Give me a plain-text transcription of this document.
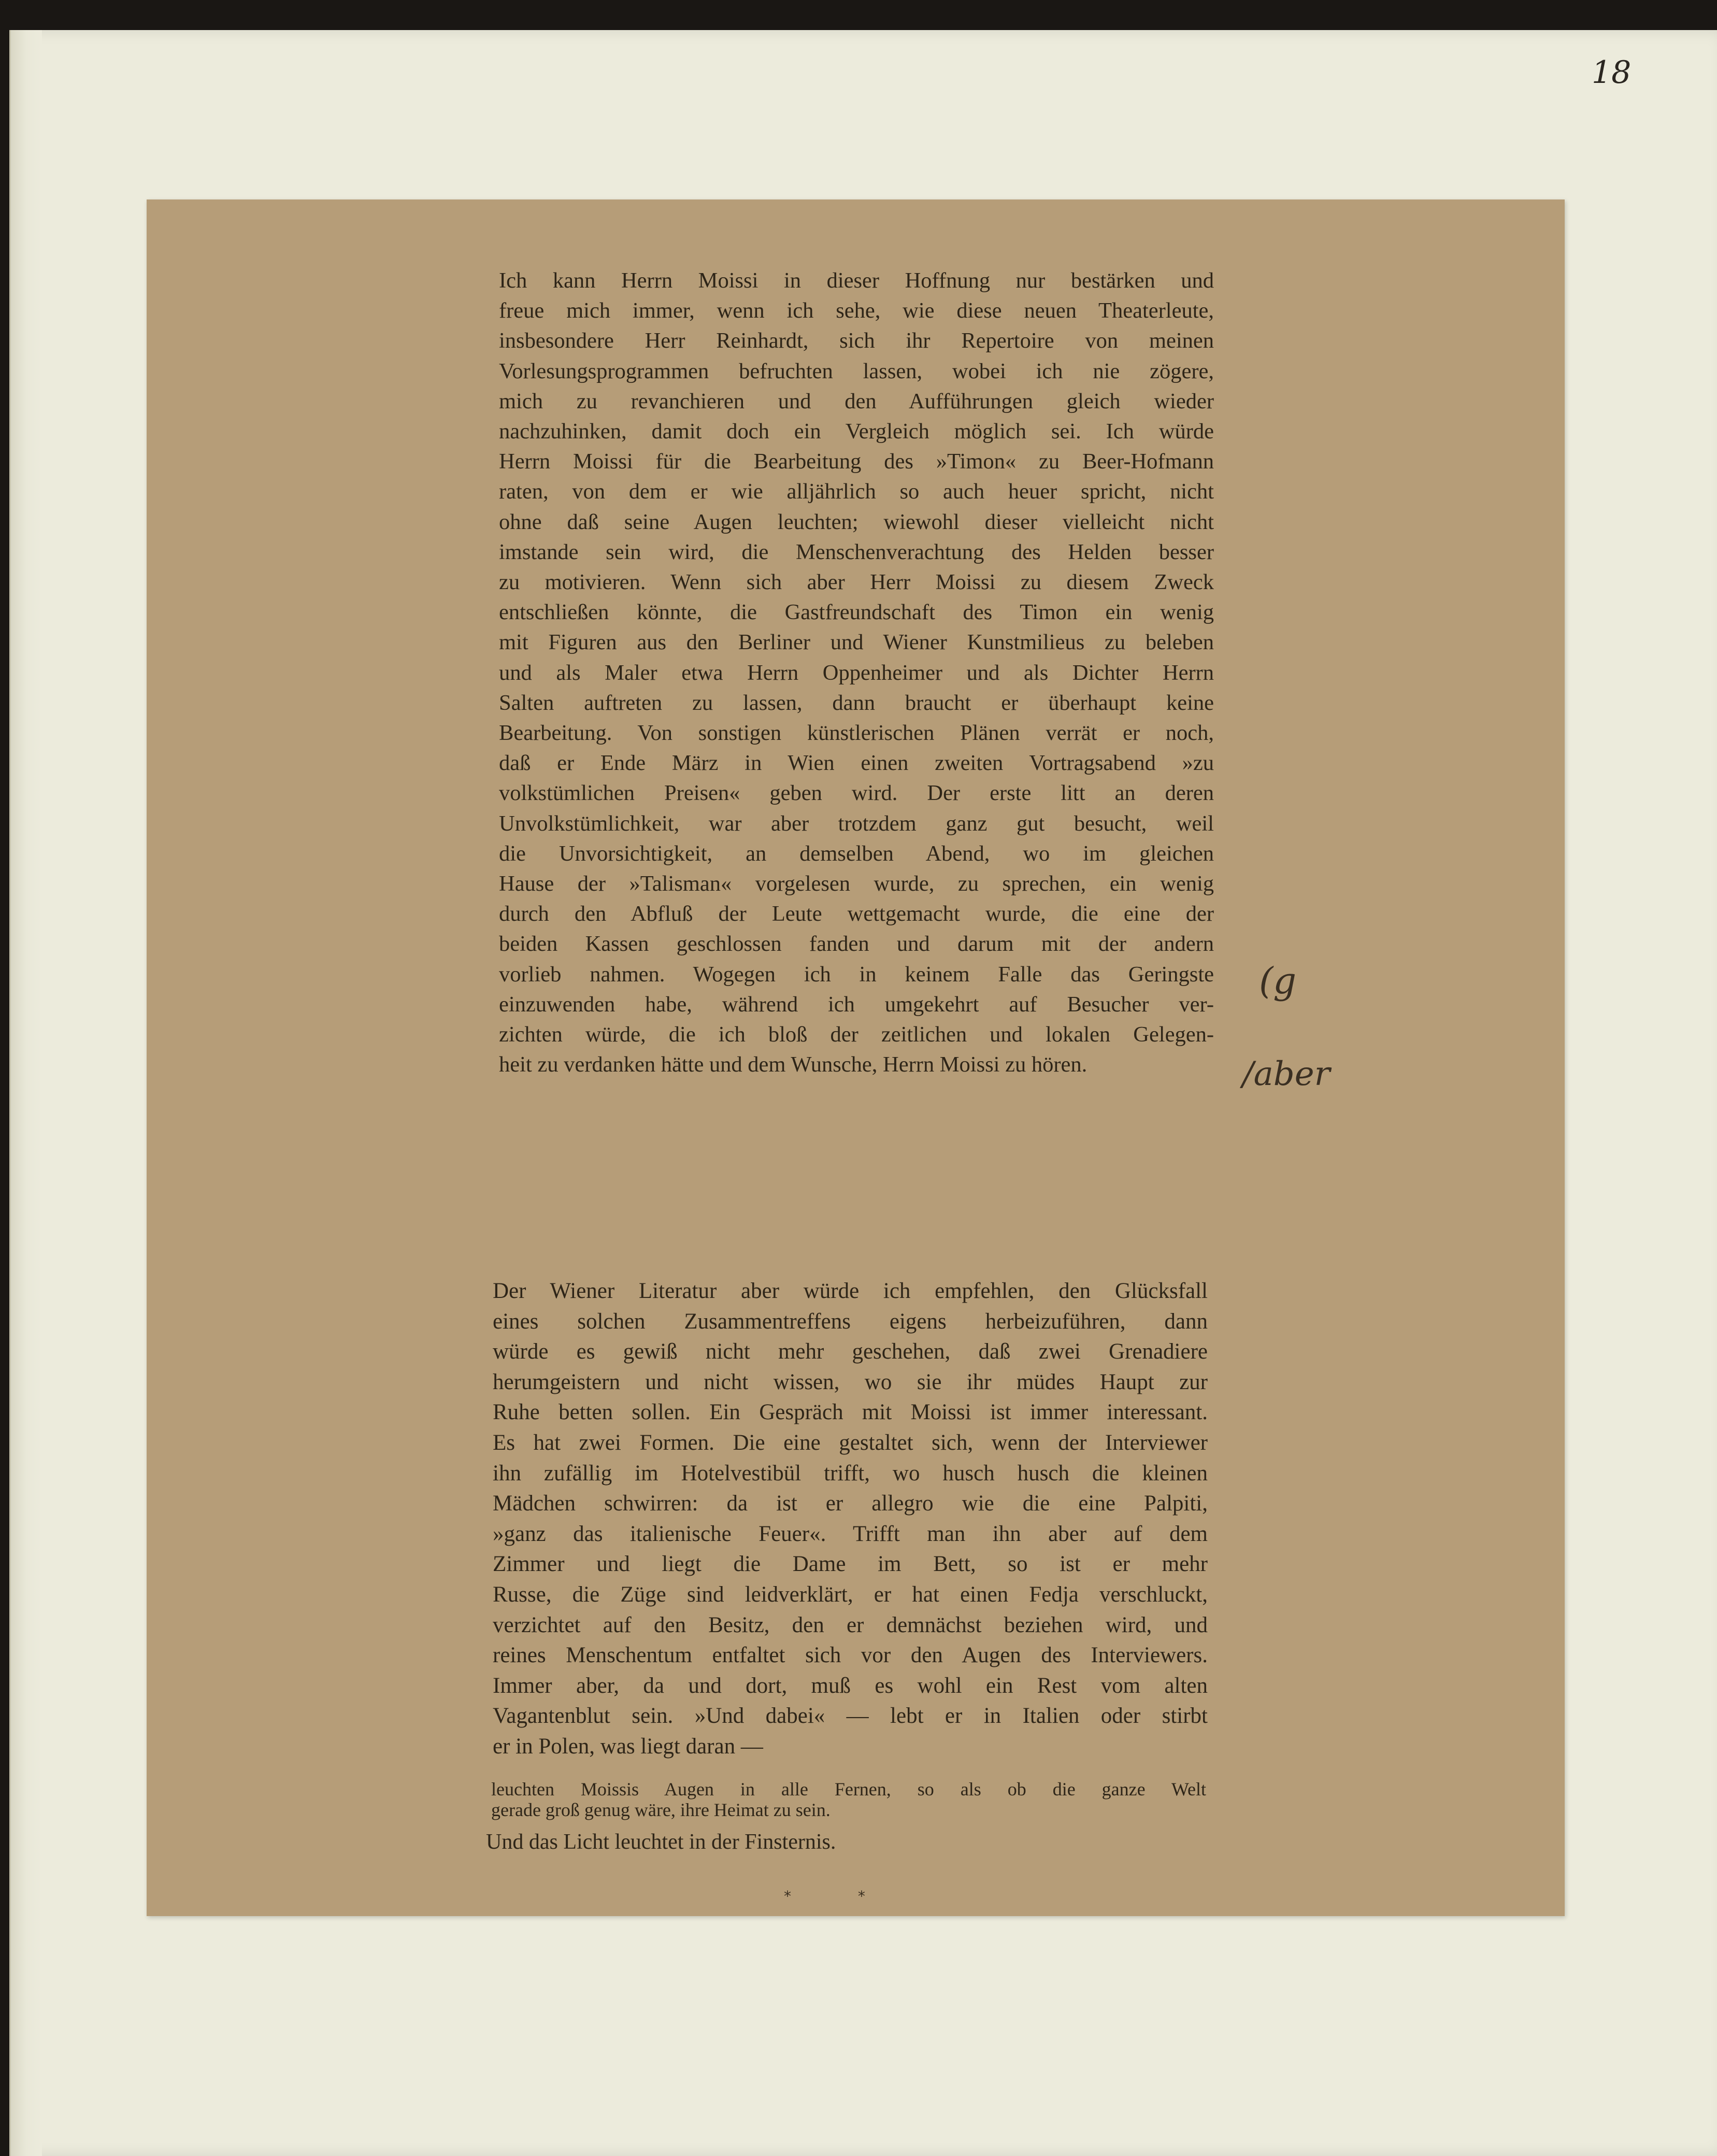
18
Ich kann Herrn Moissi in dieser Hoffnung nur bestärken und
freue mich immer, wenn ich sehe, wie diese neuen Theaterleute,
insbesondere Herr Reinhardt, sich ihr Repertoire von meinen
Vorlesungsprogrammen befruchten lassen, wobei ich nie zögere,
mich zu revanchieren und den Aufführungen gleich wieder
nachzuhinken, damit doch ein Vergleich möglich sei. Ich würde
Herrn Moissi für die Bearbeitung des »Timon« zu Beer-Hofmann
raten, von dem er wie alljährlich so auch heuer spricht, nicht
ohne daß seine Augen leuchten; wiewohl dieser vielleicht nicht
imstande sein wird, die Menschenverachtung des Helden besser
zu motivieren. Wenn sich aber Herr Moissi zu diesem Zweck
entschließen könnte, die Gastfreundschaft des Timon ein wenig
mit Figuren aus den Berliner und Wiener Kunstmilieus zu beleben
und als Maler etwa Herrn Oppenheimer und als Dichter Herrn
Salten auftreten zu lassen, dann braucht er überhaupt keine
Bearbeitung. Von sonstigen künstlerischen Plänen verrät er noch,
daß er Ende März in Wien einen zweiten Vortragsabend »zu
volkstümlichen Preisen« geben wird. Der erste litt an deren
Unvolkstümlichkeit, war aber trotzdem ganz gut besucht, weil
die Unvorsichtigkeit, an demselben Abend, wo im gleichen
Hause der »Talisman« vorgelesen wurde, zu sprechen, ein wenig
durch den Abfluß der Leute wettgemacht wurde, die eine der
beiden Kassen geschlossen fanden und darum mit der andern
vorlieb nahmen. Wogegen ich in keinem Falle das Geringste
einzuwenden habe, während ich umgekehrt auf Besucher ver-
zichten würde, die ich bloß der zeitlichen und lokalen Gelegen-
heit zu verdanken hätte und dem Wunsche, Herrn Moissi zu hören.
Der Wiener Literatur aber würde ich empfehlen, den Glücksfall
eines solchen Zusammentreffens eigens herbeizuführen, dann
würde es gewiß nicht mehr geschehen, daß zwei Grenadiere
herumgeistern und nicht wissen, wo sie ihr müdes Haupt zur
Ruhe betten sollen. Ein Gespräch mit Moissi ist immer interessant.
Es hat zwei Formen. Die eine gestaltet sich, wenn der Interviewer
ihn zufällig im Hotelvestibül trifft, wo husch husch die kleinen
Mädchen schwirren: da ist er allegro wie die eine Palpiti,
»ganz das italienische Feuer«. Trifft man ihn aber auf dem
Zimmer und liegt die Dame im Bett, so ist er mehr
Russe, die Züge sind leidverklärt, er hat einen Fedja verschluckt,
verzichtet auf den Besitz, den er demnächst beziehen wird, und
reines Menschentum entfaltet sich vor den Augen des Interviewers.
Immer aber, da und dort, muß es wohl ein Rest vom alten
Vagantenblut sein. »Und dabei« — lebt er in Italien oder stirbt
er in Polen, was liegt daran —
leuchten Moissis Augen in alle Fernen, so als ob die ganze Welt
gerade groß genug wäre, ihre Heimat zu sein.
Und das Licht leuchtet in der Finsternis.
* *
(g
/aber
